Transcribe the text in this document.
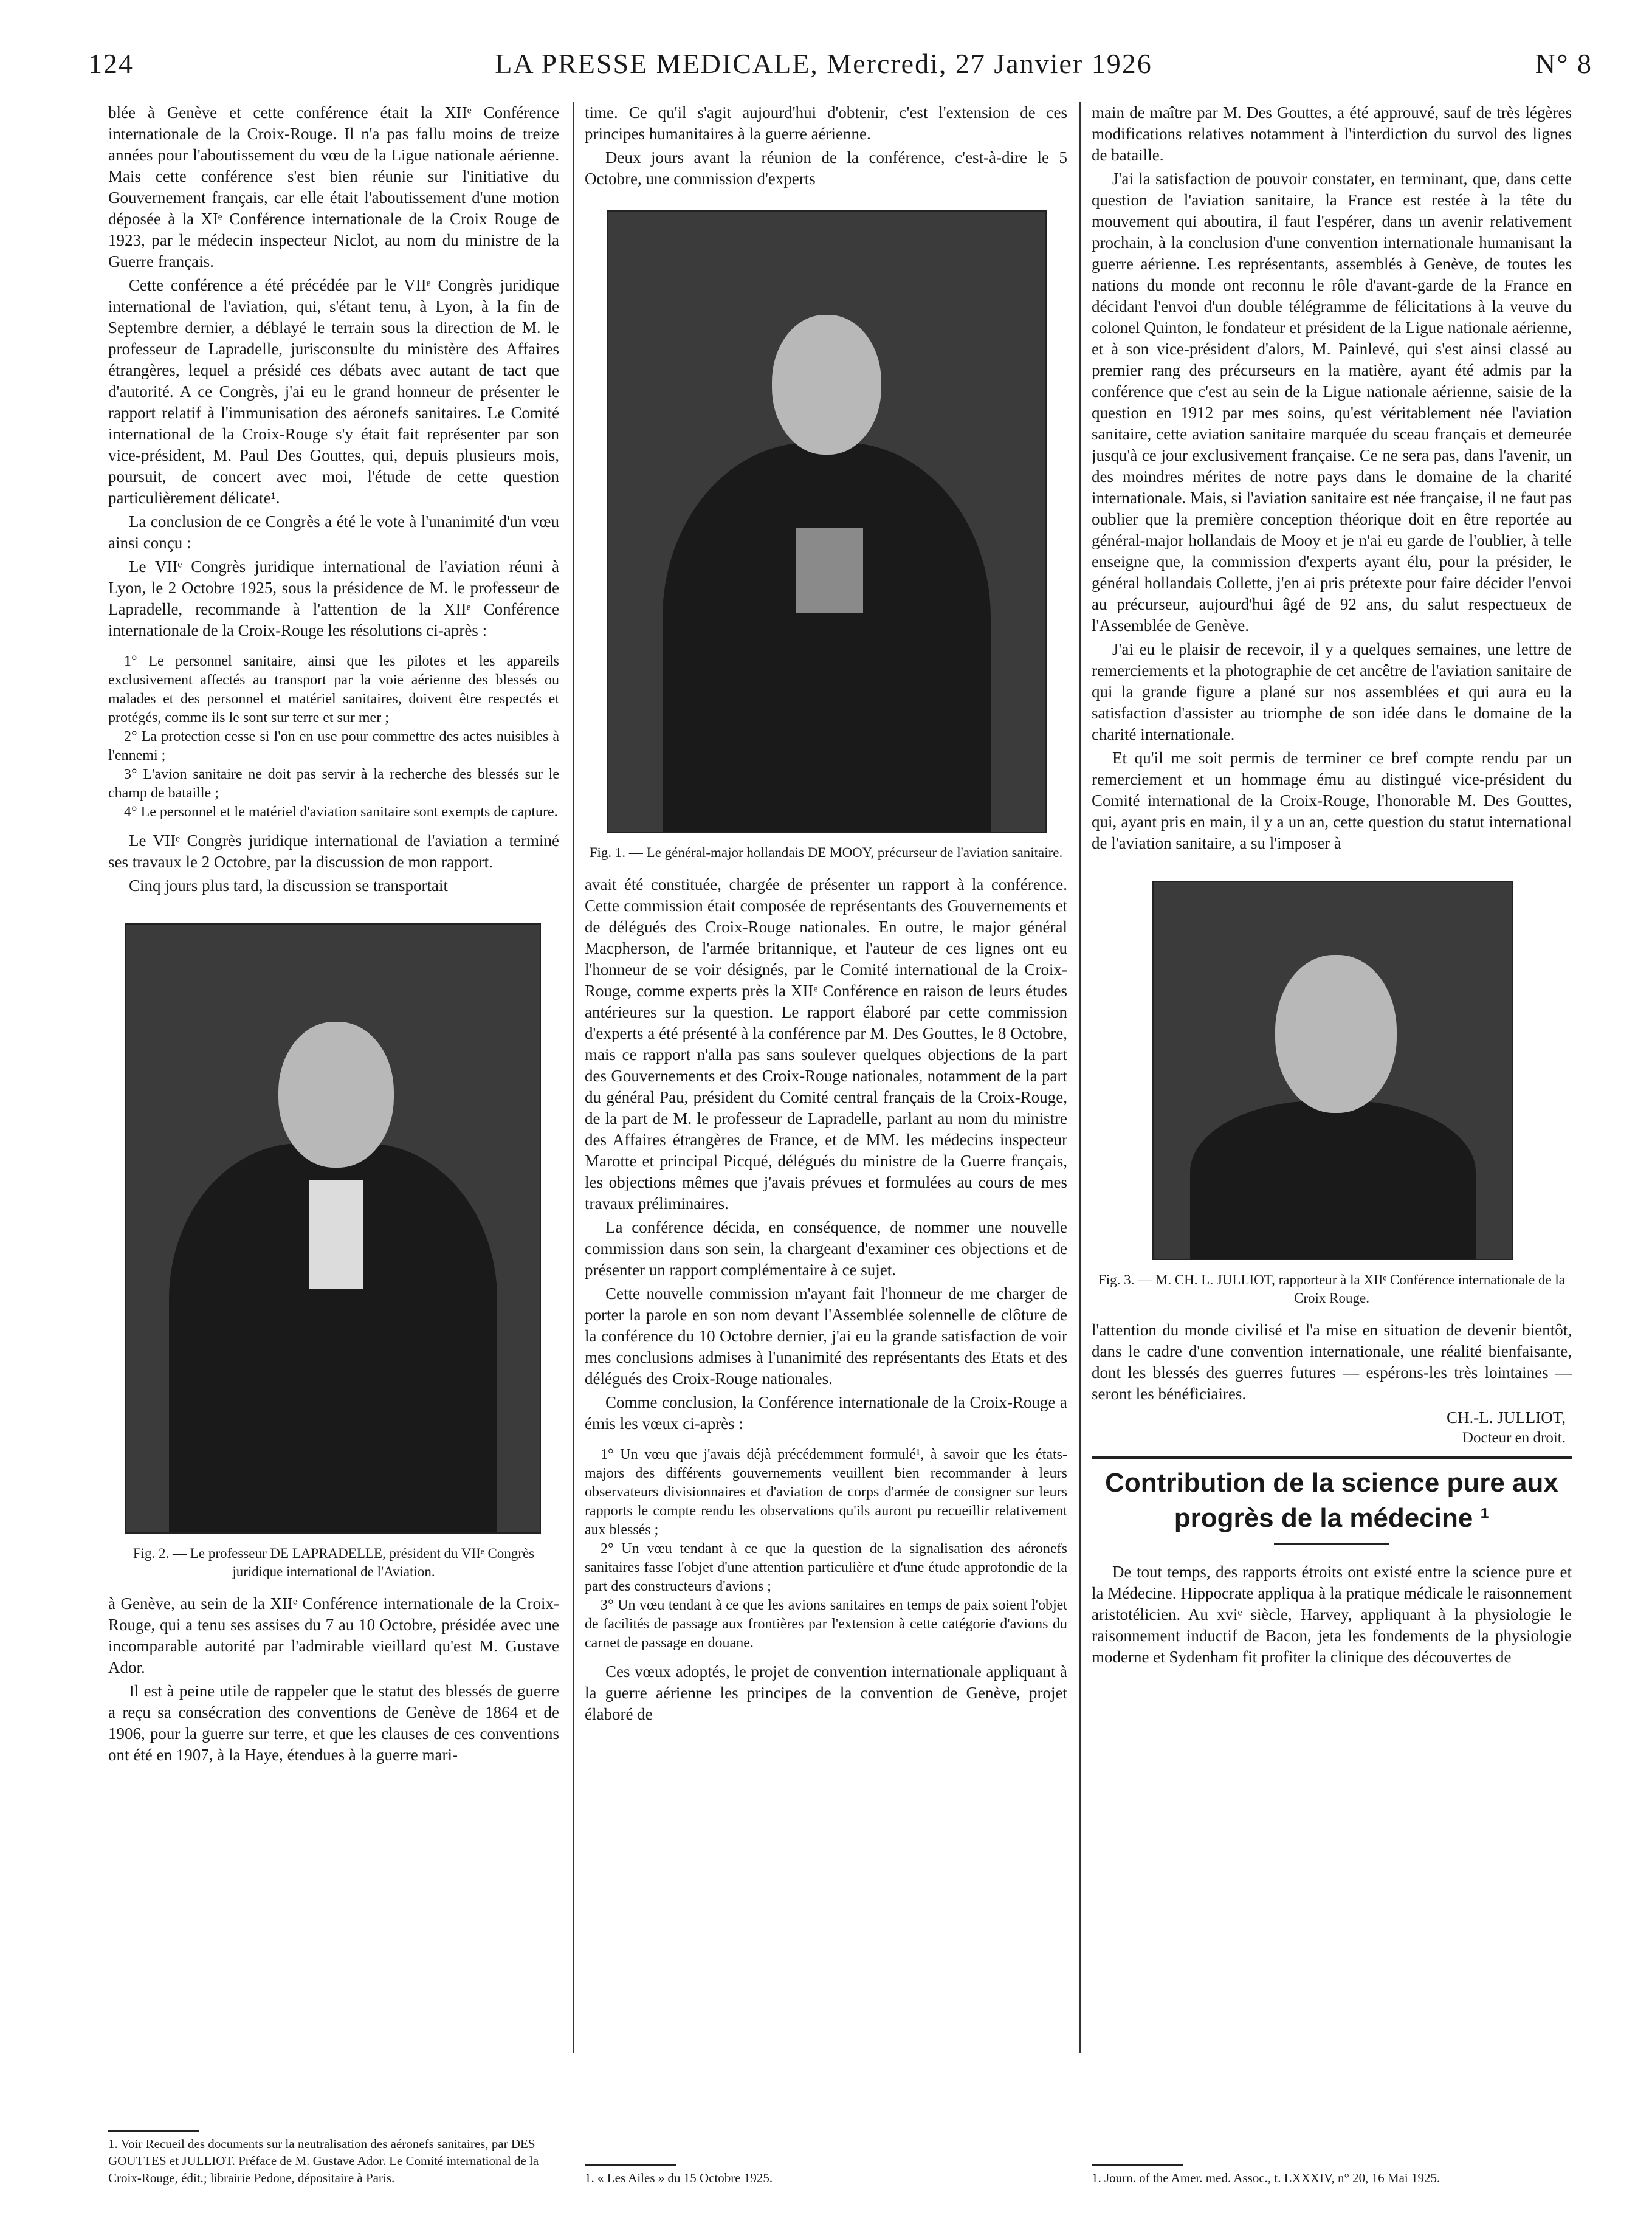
124	LA PRESSE MEDICALE, Mercredi, 27 Janvier 1926	N° 8

blée à Genève et cette conférence était la XIIᵉ Conférence internationale de la Croix-Rouge. Il n'a pas fallu moins de treize années pour l'aboutissement du vœu de la Ligue nationale aérienne. Mais cette conférence s'est bien réunie sur l'initiative du Gouvernement français, car elle était l'aboutissement d'une motion déposée à la XIᵉ Conférence internationale de la Croix Rouge de 1923, par le médecin inspecteur Niclot, au nom du ministre de la Guerre français.

Cette conférence a été précédée par le VIIᵉ Congrès juridique international de l'aviation, qui, s'étant tenu, à Lyon, à la fin de Septembre dernier, a déblayé le terrain sous la direction de M. le professeur de Lapradelle, jurisconsulte du ministère des Affaires étrangères, lequel a présidé ces débats avec autant de tact que d'autorité. A ce Congrès, j'ai eu le grand honneur de présenter le rapport relatif à l'immunisation des aéronefs sanitaires. Le Comité international de la Croix-Rouge s'y était fait représenter par son vice-président, M. Paul Des Gouttes, qui, depuis plusieurs mois, poursuit, de concert avec moi, l'étude de cette question particulièrement délicate¹.

La conclusion de ce Congrès a été le vote à l'unanimité d'un vœu ainsi conçu :

Le VIIᵉ Congrès juridique international de l'aviation réuni à Lyon, le 2 Octobre 1925, sous la présidence de M. le professeur de Lapradelle, recommande à l'attention de la XIIᵉ Conférence internationale de la Croix-Rouge les résolutions ci-après :

1° Le personnel sanitaire, ainsi que les pilotes et les appareils exclusivement affectés au transport par la voie aérienne des blessés ou malades et des personnel et matériel sanitaires, doivent être respectés et protégés, comme ils le sont sur terre et sur mer ;

2° La protection cesse si l'on en use pour commettre des actes nuisibles à l'ennemi ;

3° L'avion sanitaire ne doit pas servir à la recherche des blessés sur le champ de bataille ;

4° Le personnel et le matériel d'aviation sanitaire sont exempts de capture.

Le VIIᵉ Congrès juridique international de l'aviation a terminé ses travaux le 2 Octobre, par la discussion de mon rapport.

Cinq jours plus tard, la discussion se transportait

Fig. 2. — Le professeur DE LAPRADELLE, président du VIIᵉ Congrès juridique international de l'Aviation.

à Genève, au sein de la XIIᵉ Conférence internationale de la Croix-Rouge, qui a tenu ses assises du 7 au 10 Octobre, présidée avec une incomparable autorité par l'admirable vieillard qu'est M. Gustave Ador.

Il est à peine utile de rappeler que le statut des blessés de guerre a reçu sa consécration des conventions de Genève de 1864 et de 1906, pour la guerre sur terre, et que les clauses de ces conventions ont été en 1907, à la Haye, étendues à la guerre mari-

1. Voir Recueil des documents sur la neutralisation des aéronefs sanitaires, par DES GOUTTES et JULLIOT. Préface de M. Gustave Ador. Le Comité international de la Croix-Rouge, édit.; librairie Pedone, dépositaire à Paris.

time. Ce qu'il s'agit aujourd'hui d'obtenir, c'est l'extension de ces principes humanitaires à la guerre aérienne.

Deux jours avant la réunion de la conférence, c'est-à-dire le 5 Octobre, une commission d'experts

Fig. 1. — Le général-major hollandais DE MOOY, précurseur de l'aviation sanitaire.

avait été constituée, chargée de présenter un rapport à la conférence. Cette commission était composée de représentants des Gouvernements et de délégués des Croix-Rouge nationales. En outre, le major général Macpherson, de l'armée britannique, et l'auteur de ces lignes ont eu l'honneur de se voir désignés, par le Comité international de la Croix-Rouge, comme experts près la XIIᵉ Conférence en raison de leurs études antérieures sur la question. Le rapport élaboré par cette commission d'experts a été présenté à la conférence par M. Des Gouttes, le 8 Octobre, mais ce rapport n'alla pas sans soulever quelques objections de la part des Gouvernements et des Croix-Rouge nationales, notamment de la part du général Pau, président du Comité central français de la Croix-Rouge, de la part de M. le professeur de Lapradelle, parlant au nom du ministre des Affaires étrangères de France, et de MM. les médecins inspecteur Marotte et principal Picqué, délégués du ministre de la Guerre français, les objections mêmes que j'avais prévues et formulées au cours de mes travaux préliminaires.

La conférence décida, en conséquence, de nommer une nouvelle commission dans son sein, la chargeant d'examiner ces objections et de présenter un rapport complémentaire à ce sujet.

Cette nouvelle commission m'ayant fait l'honneur de me charger de porter la parole en son nom devant l'Assemblée solennelle de clôture de la conférence du 10 Octobre dernier, j'ai eu la grande satisfaction de voir mes conclusions admises à l'unanimité des représentants des Etats et des délégués des Croix-Rouge nationales.

Comme conclusion, la Conférence internationale de la Croix-Rouge a émis les vœux ci-après :

1° Un vœu que j'avais déjà précédemment formulé¹, à savoir que les états-majors des différents gouvernements veuillent bien recommander à leurs observateurs divisionnaires et d'aviation de corps d'armée de consigner sur leurs rapports le compte rendu les observations qu'ils auront pu recueillir relativement aux blessés ;

2° Un vœu tendant à ce que la question de la signalisation des aéronefs sanitaires fasse l'objet d'une attention particulière et d'une étude approfondie de la part des constructeurs d'avions ;

3° Un vœu tendant à ce que les avions sanitaires en temps de paix soient l'objet de facilités de passage aux frontières par l'extension à cette catégorie d'avions du carnet de passage en douane.

Ces vœux adoptés, le projet de convention internationale appliquant à la guerre aérienne les principes de la convention de Genève, projet élaboré de

1. « Les Ailes » du 15 Octobre 1925.

main de maître par M. Des Gouttes, a été approuvé, sauf de très légères modifications relatives notamment à l'interdiction du survol des lignes de bataille.

J'ai la satisfaction de pouvoir constater, en terminant, que, dans cette question de l'aviation sanitaire, la France est restée à la tête du mouvement qui aboutira, il faut l'espérer, dans un avenir relativement prochain, à la conclusion d'une convention internationale humanisant la guerre aérienne. Les représentants, assemblés à Genève, de toutes les nations du monde ont reconnu le rôle d'avant-garde de la France en décidant l'envoi d'un double télégramme de félicitations à la veuve du colonel Quinton, le fondateur et président de la Ligue nationale aérienne, et à son vice-président d'alors, M. Painlevé, qui s'est ainsi classé au premier rang des précurseurs en la matière, ayant été admis par la conférence que c'est au sein de la Ligue nationale aérienne, saisie de la question en 1912 par mes soins, qu'est véritablement née l'aviation sanitaire, cette aviation sanitaire marquée du sceau français et demeurée jusqu'à ce jour exclusivement française. Ce ne sera pas, dans l'avenir, un des moindres mérites de notre pays dans le domaine de la charité internationale. Mais, si l'aviation sanitaire est née française, il ne faut pas oublier que la première conception théorique doit en être reportée au général-major hollandais de Mooy et je n'ai eu garde de l'oublier, à telle enseigne que, la commission d'experts ayant élu, pour la présider, le général hollandais Collette, j'en ai pris prétexte pour faire décider l'envoi au précurseur, aujourd'hui âgé de 92 ans, du salut respectueux de l'Assemblée de Genève.

J'ai eu le plaisir de recevoir, il y a quelques semaines, une lettre de remerciements et la photographie de cet ancêtre de l'aviation sanitaire de qui la grande figure a plané sur nos assemblées et qui aura eu la satisfaction d'assister au triomphe de son idée dans le domaine de la charité internationale.

Et qu'il me soit permis de terminer ce bref compte rendu par un remerciement et un hommage ému au distingué vice-président du Comité international de la Croix-Rouge, l'honorable M. Des Gouttes, qui, ayant pris en main, il y a un an, cette question du statut international de l'aviation sanitaire, a su l'imposer à

Fig. 3. — M. CH. L. JULLIOT, rapporteur à la XIIᵉ Conférence internationale de la Croix Rouge.

l'attention du monde civilisé et l'a mise en situation de devenir bientôt, dans le cadre d'une convention internationale, une réalité bienfaisante, dont les blessés des guerres futures — espérons-les très lointaines — seront les bénéficiaires.

CH.-L. JULLIOT,
Docteur en droit.
Contribution de la science pure aux progrès de la médecine ¹

De tout temps, des rapports étroits ont existé entre la science pure et la Médecine. Hippocrate appliqua à la pratique médicale le raisonnement aristotélicien. Au xviᵉ siècle, Harvey, appliquant à la physiologie le raisonnement inductif de Bacon, jeta les fondements de la physiologie moderne et Sydenham fit profiter la clinique des découvertes de

1. Journ. of the Amer. med. Assoc., t. LXXXIV, n° 20, 16 Mai 1925.
